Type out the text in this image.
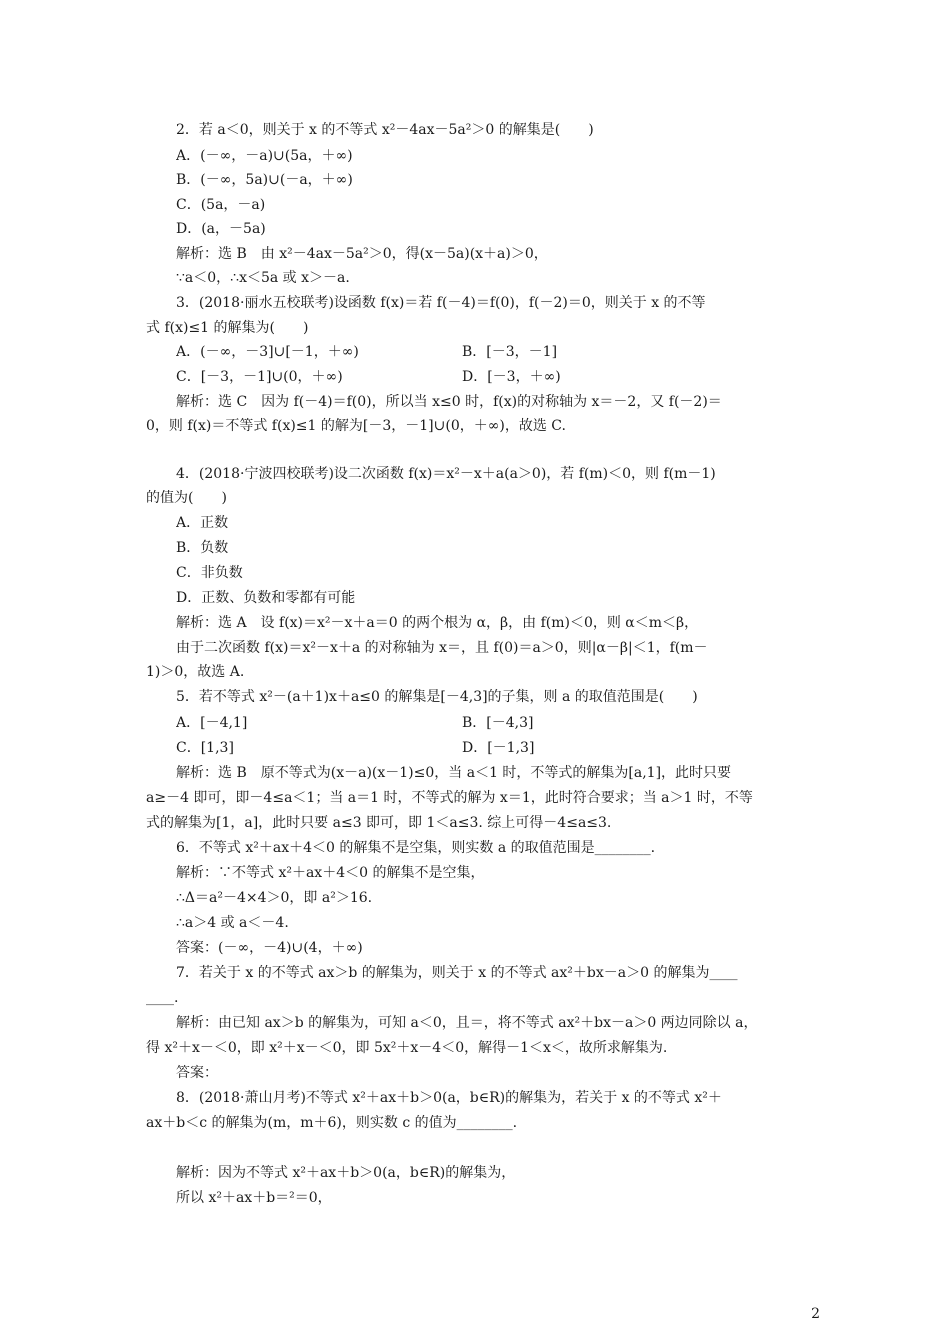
2．若 a＜0，则关于 x 的不等式 x²－4ax－5a²＞0 的解集是(　　)
A．(－∞，－a)∪(5a，＋∞)
B．(－∞，5a)∪(－a，＋∞)
C．(5a，－a)
D．(a，－5a)
解析：选 B　由 x²－4ax－5a²＞0，得(x－5a)(x＋a)＞0，
∵a＜0，∴x＜5a 或 x＞－a.
3．(2018·丽水五校联考)设函数 f(x)＝若 f(－4)＝f(0)，f(－2)＝0，则关于 x 的不等
式 f(x)≤1 的解集为(　　)
A．(－∞，－3]∪[－1，＋∞)	B．[－3，－1]
C．[－3，－1]∪(0，＋∞)	D．[－3，＋∞)
解析：选 C　因为 f(－4)＝f(0)，所以当 x≤0 时，f(x)的对称轴为 x＝－2，又 f(－2)＝
0，则 f(x)＝不等式 f(x)≤1 的解为[－3，－1]∪(0，＋∞)，故选 C.
4．(2018·宁波四校联考)设二次函数 f(x)＝x²－x＋a(a＞0)，若 f(m)＜0，则 f(m－1)
的值为(　　)
A．正数
B．负数
C．非负数
D．正数、负数和零都有可能
解析：选 A　设 f(x)＝x²－x＋a＝0 的两个根为 α，β，由 f(m)＜0，则 α＜m＜β，
由于二次函数 f(x)＝x²－x＋a 的对称轴为 x＝，且 f(0)＝a＞0，则|α－β|＜1，f(m－
1)＞0，故选 A.
5．若不等式 x²－(a＋1)x＋a≤0 的解集是[－4,3]的子集，则 a 的取值范围是(　　)
A．[－4,1]	B．[－4,3]
C．[1,3]	D．[－1,3]
解析：选 B　原不等式为(x－a)(x－1)≤0，当 a＜1 时，不等式的解集为[a,1]，此时只要
a≥－4 即可，即－4≤a＜1；当 a＝1 时，不等式的解为 x＝1，此时符合要求；当 a＞1 时，不等
式的解集为[1，a]，此时只要 a≤3 即可，即 1＜a≤3. 综上可得－4≤a≤3.
6．不等式 x²＋ax＋4＜0 的解集不是空集，则实数 a 的取值范围是________.
解析：∵不等式 x²＋ax＋4＜0 的解集不是空集，
∴Δ＝a²－4×4＞0，即 a²＞16.
∴a＞4 或 a＜－4.
答案：(－∞，－4)∪(4，＋∞)
7．若关于 x 的不等式 ax＞b 的解集为，则关于 x 的不等式 ax²＋bx－a＞0 的解集为____
____.
解析：由已知 ax＞b 的解集为，可知 a＜0，且＝，将不等式 ax²＋bx－a＞0 两边同除以 a，
得 x²＋x－＜0，即 x²＋x－＜0，即 5x²＋x－4＜0，解得－1＜x＜，故所求解集为.
答案：
8．(2018·萧山月考)不等式 x²＋ax＋b＞0(a，b∈R)的解集为，若关于 x 的不等式 x²＋
ax＋b＜c 的解集为(m，m＋6)，则实数 c 的值为________.
解析：因为不等式 x²＋ax＋b＞0(a，b∈R)的解集为，
所以 x²＋ax＋b＝²＝0，
2
